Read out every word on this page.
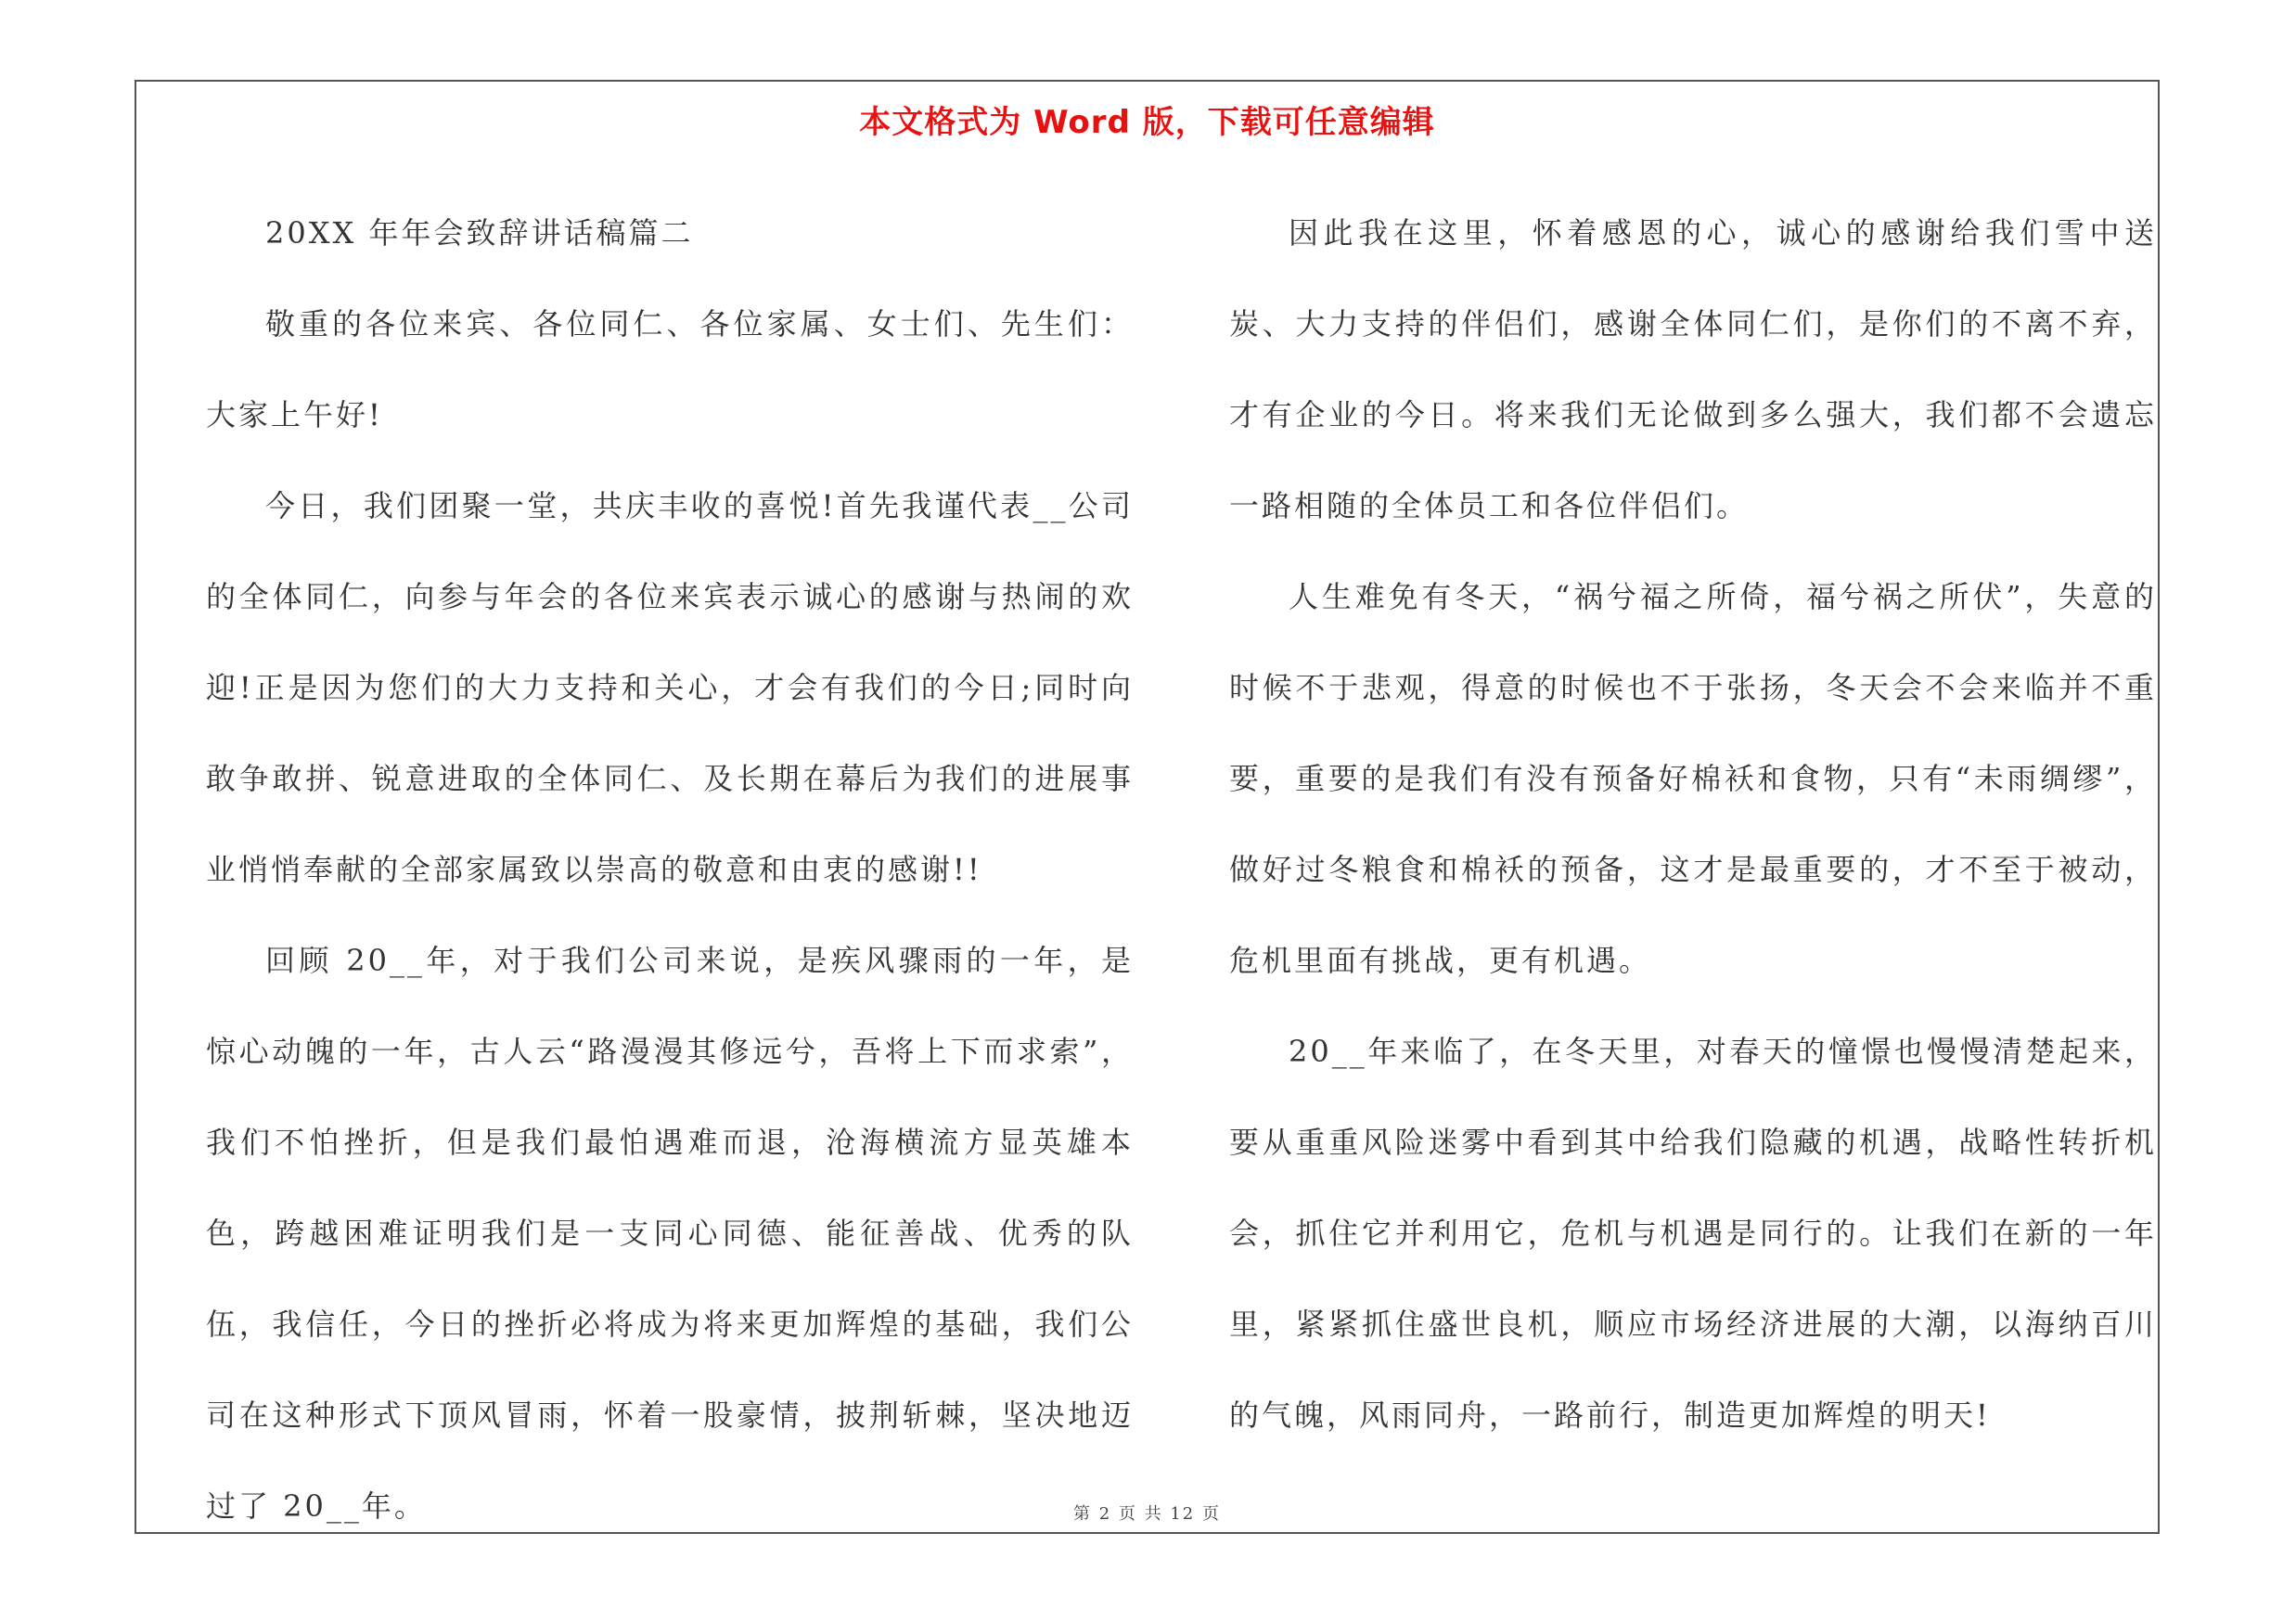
本文格式为 Word 版，下载可任意编辑

20XX 年年会致辞讲话稿篇二

敬重的各位来宾、各位同仁、各位家属、女士们、先生们：大家上午好!

今日，我们团聚一堂，共庆丰收的喜悦!首先我谨代表__公司的全体同仁，向参与年会的各位来宾表示诚心的感谢与热闹的欢迎!正是因为您们的大力支持和关心，才会有我们的今日;同时向敢争敢拼、锐意进取的全体同仁、及长期在幕后为我们的进展事业悄悄奉献的全部家属致以崇高的敬意和由衷的感谢!!

回顾 20__年，对于我们公司来说，是疾风骤雨的一年，是惊心动魄的一年，古人云“路漫漫其修远兮，吾将上下而求索”，我们不怕挫折，但是我们最怕遇难而退，沧海横流方显英雄本色，跨越困难证明我们是一支同心同德、能征善战、优秀的队伍，我信任，今日的挫折必将成为将来更加辉煌的基础，我们公司在这种形式下顶风冒雨，怀着一股豪情，披荆斩棘，坚决地迈过了 20__年。

因此我在这里，怀着感恩的心，诚心的感谢给我们雪中送炭、大力支持的伴侣们，感谢全体同仁们，是你们的不离不弃，才有企业的今日。将来我们无论做到多么强大，我们都不会遗忘一路相随的全体员工和各位伴侣们。

人生难免有冬天，“祸兮福之所倚，福兮祸之所伏”，失意的时候不于悲观，得意的时候也不于张扬，冬天会不会来临并不重要，重要的是我们有没有预备好棉袄和食物，只有“未雨绸缪”，做好过冬粮食和棉袄的预备，这才是最重要的，才不至于被动，危机里面有挑战，更有机遇。

20__年来临了，在冬天里，对春天的憧憬也慢慢清楚起来，要从重重风险迷雾中看到其中给我们隐藏的机遇，战略性转折机会，抓住它并利用它，危机与机遇是同行的。让我们在新的一年里，紧紧抓住盛世良机，顺应市场经济进展的大潮，以海纳百川的气魄，风雨同舟，一路前行，制造更加辉煌的明天!

第 2 页 共 12 页
